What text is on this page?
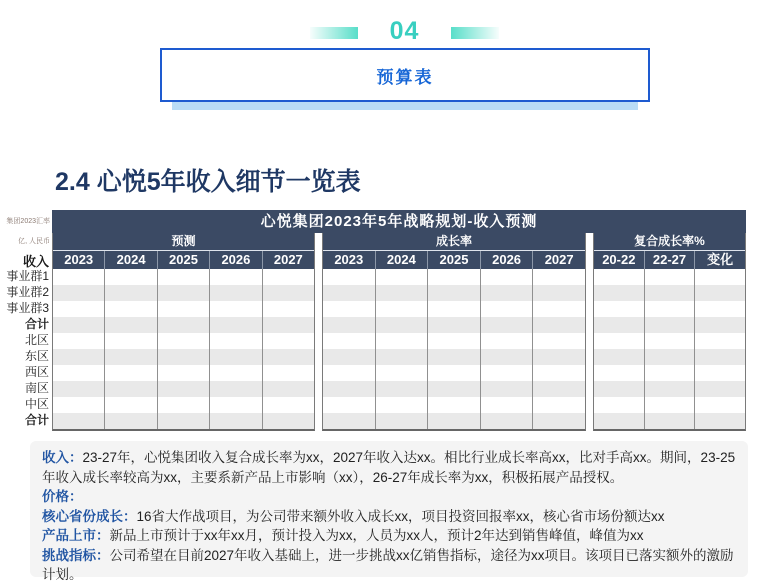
04
预算表
2.4 心悦5年收入细节一览表
集团2023汇率
亿, 人民币
收入
事业群1
事业群2
事业群3
合计
北区
东区
西区
南区
中区
合计
心悦集团2023年5年战略规划-收入预测
预测
2023	2024	2025	2026	2027
成长率
2023	2024	2025	2026	2027
复合成长率%
20-22	22-27	变化
收入：23-27年，心悦集团收入复合成长率为xx，2027年收入达xx。相比行业成长率高xx，比对手高xx。期间，23-25年收入成长率较高为xx，主要系新产品上市影响（xx），26-27年成长率为xx，积极拓展产品授权。
价格：
核心省份成长：16省大作战项目，为公司带来额外收入成长xx，项目投资回报率xx，核心省市场份额达xx
产品上市：新品上市预计于xx年xx月，预计投入为xx，人员为xx人，预计2年达到销售峰值，峰值为xx
挑战指标：公司希望在目前2027年收入基础上，进一步挑战xx亿销售指标，途径为xx项目。该项目已落实额外的激励计划。
